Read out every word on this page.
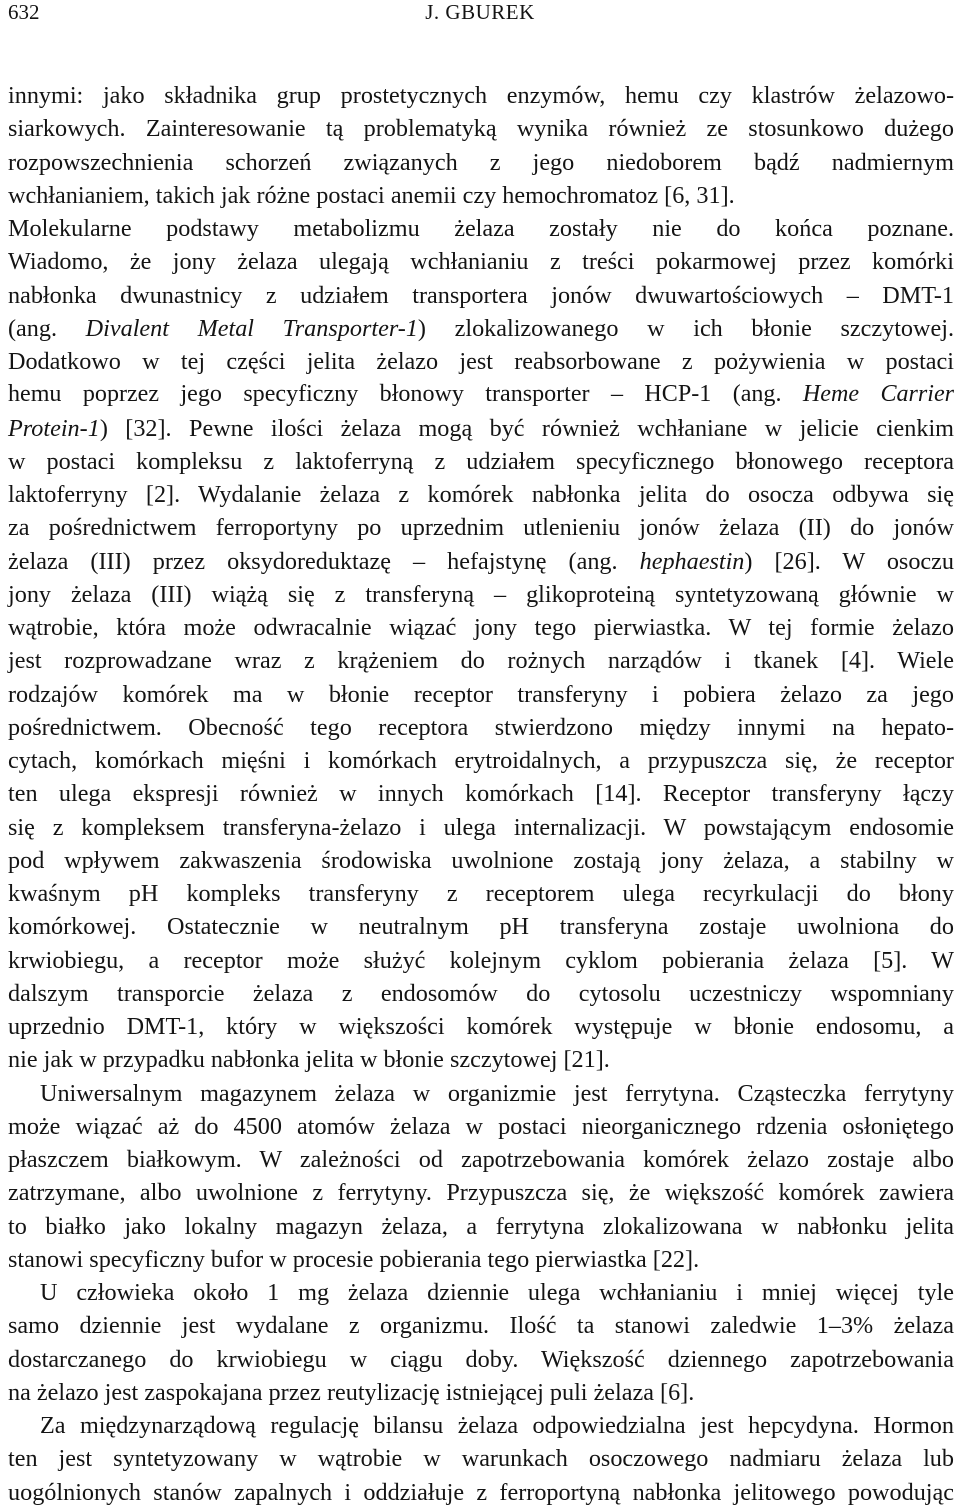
632	J. GBUREK
innymi: jako składnika grup prostetycznych enzymów, hemu czy klastrów żelazowo-
siarkowych. Zainteresowanie tą problematyką wynika również ze stosunkowo dużego
rozpowszechnienia schorzeń związanych z jego niedoborem bądź nadmiernym
wchłanianiem, takich jak różne postaci anemii czy hemochromatoz [6, 31].
Molekularne podstawy metabolizmu żelaza zostały nie do końca poznane.
Wiadomo, że jony żelaza ulegają wchłanianiu z treści pokarmowej przez komórki
nabłonka dwunastnicy z udziałem transportera jonów dwuwartościowych – DMT-1
(ang. Divalent Metal Transporter-1) zlokalizowanego w ich błonie szczytowej.
Dodatkowo w tej części jelita żelazo jest reabsorbowane z pożywienia w postaci
hemu poprzez jego specyficzny błonowy transporter – HCP-1 (ang. Heme Carrier
Protein-1) [32]. Pewne ilości żelaza mogą być również wchłaniane w jelicie cienkim
w postaci kompleksu z laktoferryną z udziałem specyficznego błonowego receptora
laktoferryny [2]. Wydalanie żelaza z komórek nabłonka jelita do osocza odbywa się
za pośrednictwem ferroportyny po uprzednim utlenieniu jonów żelaza (II) do jonów
żelaza (III) przez oksydoreduktazę – hefajstynę (ang. hephaestin) [26]. W osoczu
jony żelaza (III) wiążą się z transferyną – glikoproteiną syntetyzowaną głównie w
wątrobie, która może odwracalnie wiązać jony tego pierwiastka. W tej formie żelazo
jest rozprowadzane wraz z krążeniem do rożnych narządów i tkanek [4]. Wiele
rodzajów komórek ma w błonie receptor transferyny i pobiera żelazo za jego
pośrednictwem. Obecność tego receptora stwierdzono między innymi na hepato-
cytach, komórkach mięśni i komórkach erytroidalnych, a przypuszcza się, że receptor
ten ulega ekspresji również w innych komórkach [14]. Receptor transferyny łączy
się z kompleksem transferyna-żelazo i ulega internalizacji. W powstającym endosomie
pod wpływem zakwaszenia środowiska uwolnione zostają jony żelaza, a stabilny w
kwaśnym pH kompleks transferyny z receptorem ulega recyrkulacji do błony
komórkowej. Ostatecznie w neutralnym pH transferyna zostaje uwolniona do
krwiobiegu, a receptor może służyć kolejnym cyklom pobierania żelaza [5]. W
dalszym transporcie żelaza z endosomów do cytosolu uczestniczy wspomniany
uprzednio DMT-1, który w większości komórek występuje w błonie endosomu, a
nie jak w przypadku nabłonka jelita w błonie szczytowej [21].
Uniwersalnym magazynem żelaza w organizmie jest ferrytyna. Cząsteczka ferrytyny
może wiązać aż do 4500 atomów żelaza w postaci nieorganicznego rdzenia osłoniętego
płaszczem białkowym. W zależności od zapotrzebowania komórek żelazo zostaje albo
zatrzymane, albo uwolnione z ferrytyny. Przypuszcza się, że większość komórek zawiera
to białko jako lokalny magazyn żelaza, a ferrytyna zlokalizowana w nabłonku jelita
stanowi specyficzny bufor w procesie pobierania tego pierwiastka [22].
U człowieka około 1 mg żelaza dziennie ulega wchłanianiu i mniej więcej tyle
samo dziennie jest wydalane z organizmu. Ilość ta stanowi zaledwie 1–3% żelaza
dostarczanego do krwiobiegu w ciągu doby. Większość dziennego zapotrzebowania
na żelazo jest zaspokajana przez reutylizację istniejącej puli żelaza [6].
Za międzynarządową regulację bilansu żelaza odpowiedzialna jest hepcydyna. Hormon
ten jest syntetyzowany w wątrobie w warunkach osoczowego nadmiaru żelaza lub
uogólnionych stanów zapalnych i oddziałuje z ferroportyną nabłonka jelitowego powodując
